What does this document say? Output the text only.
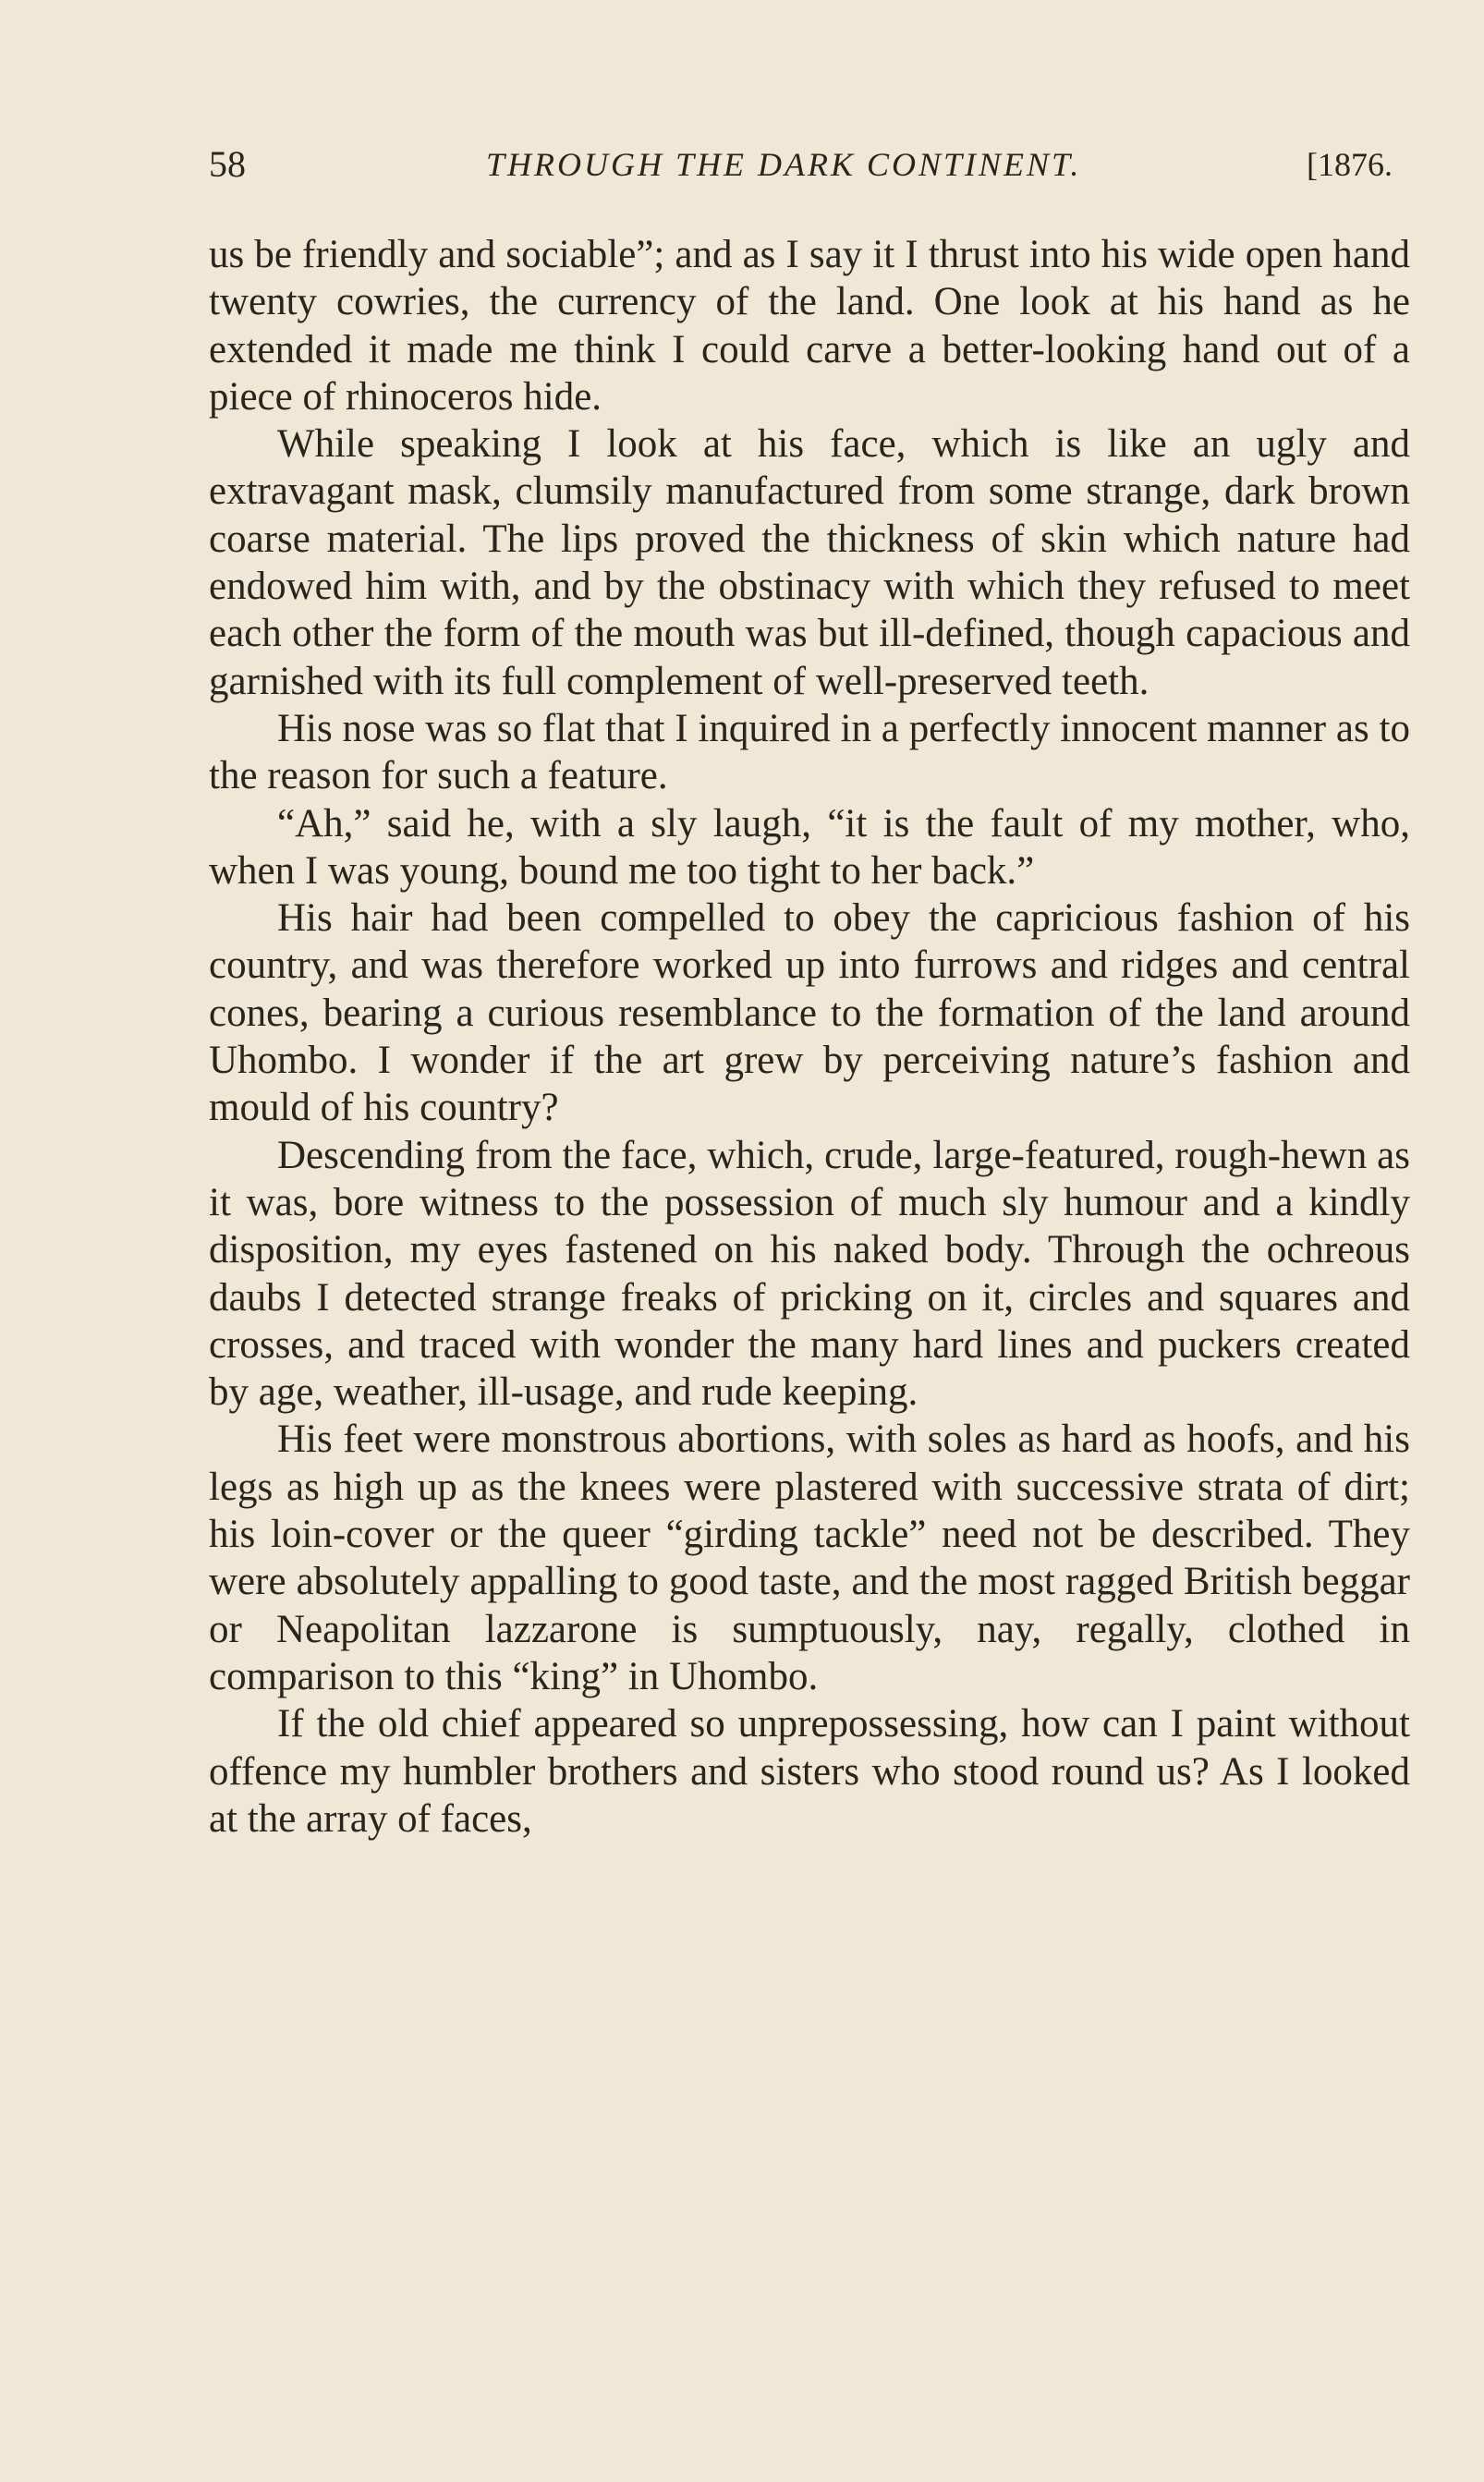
58	THROUGH THE DARK CONTINENT.	[1876.

us be friendly and sociable”; and as I say it I thrust into his wide open hand twenty cowries, the currency of the land. One look at his hand as he extended it made me think I could carve a better-looking hand out of a piece of rhinoceros hide.

While speaking I look at his face, which is like an ugly and extravagant mask, clumsily manufactured from some strange, dark brown coarse material. The lips proved the thickness of skin which nature had endowed him with, and by the obstinacy with which they refused to meet each other the form of the mouth was but ill-defined, though capacious and garnished with its full complement of well-preserved teeth.

His nose was so flat that I inquired in a perfectly innocent manner as to the reason for such a feature.

“Ah,” said he, with a sly laugh, “it is the fault of my mother, who, when I was young, bound me too tight to her back.”

His hair had been compelled to obey the capricious fashion of his country, and was therefore worked up into furrows and ridges and central cones, bearing a curious resemblance to the formation of the land around Uhombo. I wonder if the art grew by perceiving nature’s fashion and mould of his country?

Descending from the face, which, crude, large-featured, rough-hewn as it was, bore witness to the possession of much sly humour and a kindly disposition, my eyes fastened on his naked body. Through the ochreous daubs I detected strange freaks of pricking on it, circles and squares and crosses, and traced with wonder the many hard lines and puckers created by age, weather, ill-usage, and rude keeping.

His feet were monstrous abortions, with soles as hard as hoofs, and his legs as high up as the knees were plastered with successive strata of dirt; his loin-cover or the queer “girding tackle” need not be described. They were absolutely appalling to good taste, and the most ragged British beggar or Neapolitan lazzarone is sumptuously, nay, regally, clothed in comparison to this “king” in Uhombo.

If the old chief appeared so unprepossessing, how can I paint without offence my humbler brothers and sisters who stood round us? As I looked at the array of faces,
